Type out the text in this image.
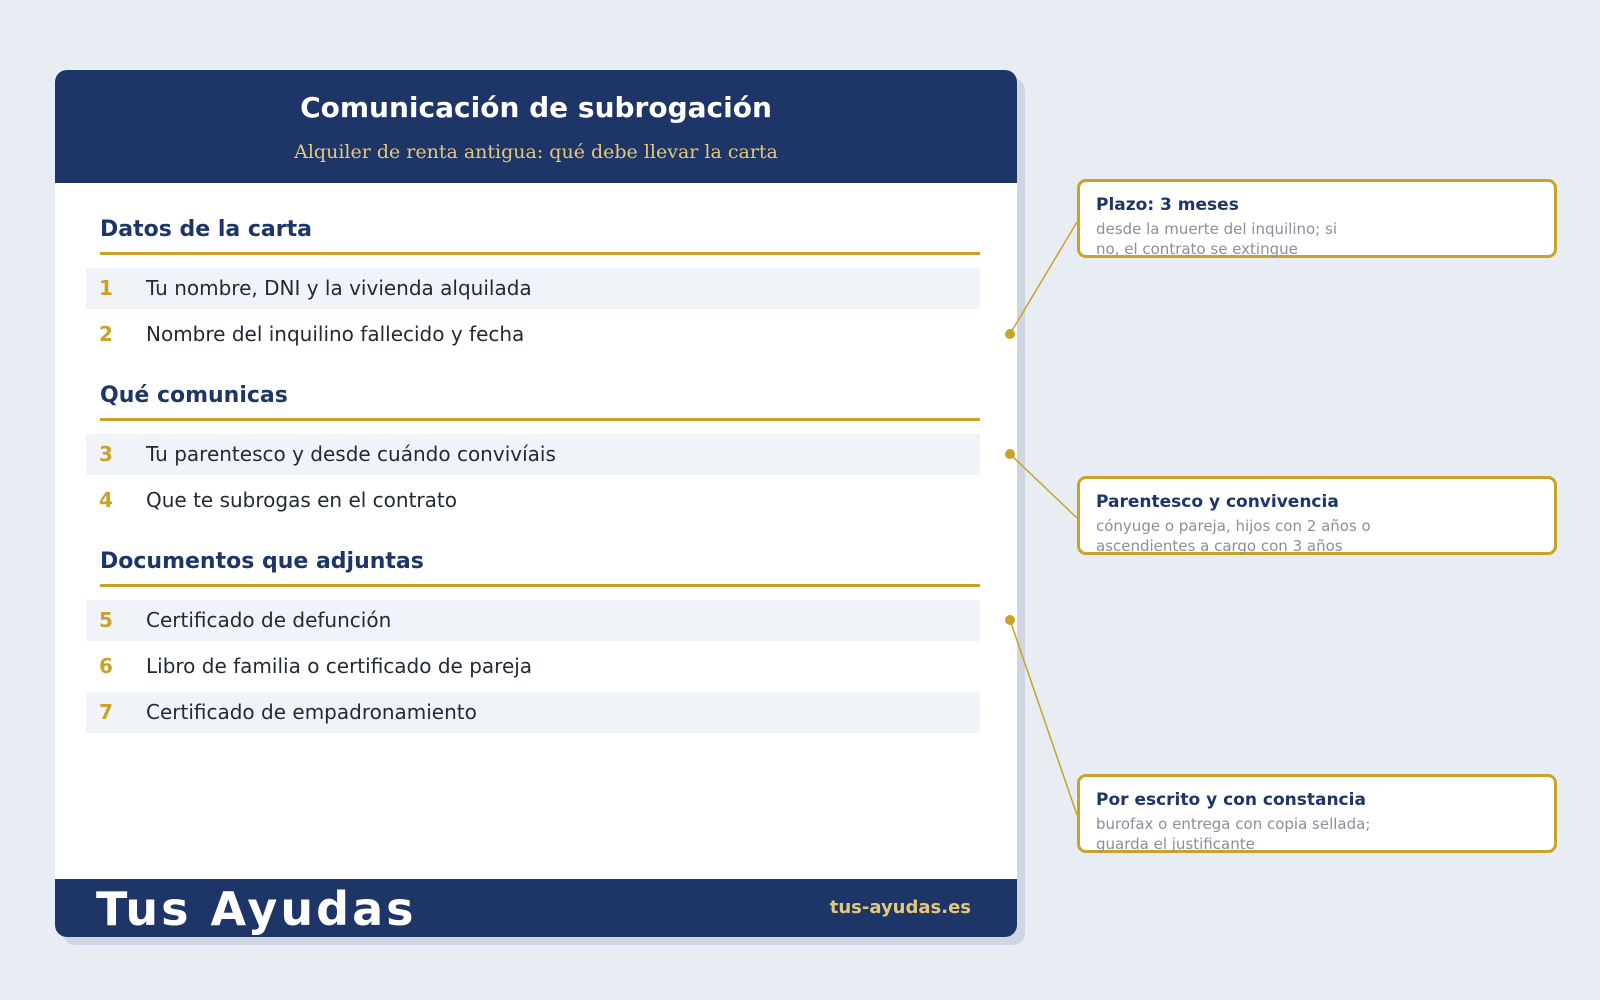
Comunicación de subrogación
Alquiler de renta antigua: qué debe llevar la carta
Datos de la carta
1 Tu nombre, DNI y la vivienda alquilada
2 Nombre del inquilino fallecido y fecha
Qué comunicas
3 Tu parentesco y desde cuándo convivíais
4 Que te subrogas en el contrato
Documentos que adjuntas
5 Certificado de defunción
6 Libro de familia o certificado de pareja
7 Certificado de empadronamiento
Tus Ayudas	tus-ayudas.es
Plazo: 3 meses
desde la muerte del inquilino; si
no, el contrato se extingue
Parentesco y convivencia
cónyuge o pareja, hijos con 2 años o
ascendientes a cargo con 3 años
Por escrito y con constancia
burofax o entrega con copia sellada;
guarda el justificante
